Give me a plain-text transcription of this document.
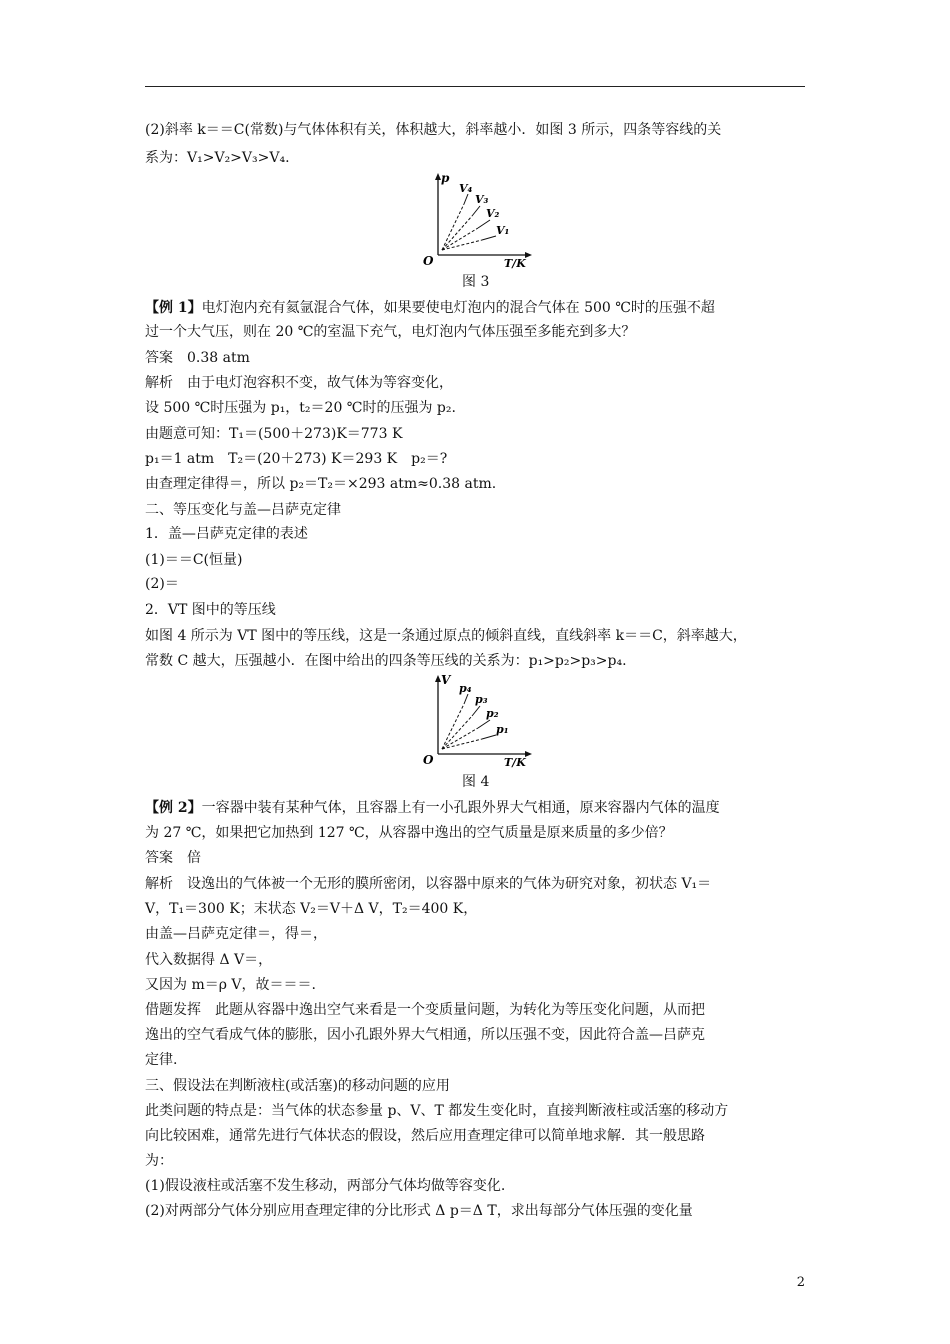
(2)斜率 k＝＝C(常数)与气体体积有关，体积越大，斜率越小．如图 3 所示，四条等容线的关
系为：V₁>V₂>V₃>V₄.
p
O	T/K
V₄
V₃
V₂
V₁
图 3
【例 1】电灯泡内充有氦氩混合气体，如果要使电灯泡内的混合气体在 500 ℃时的压强不超
过一个大气压，则在 20 ℃的室温下充气，电灯泡内气体压强至多能充到多大？
答案　0.38 atm
解析　由于电灯泡容积不变，故气体为等容变化，
设 500 ℃时压强为 p₁，t₂＝20 ℃时的压强为 p₂.
由题意可知：T₁＝(500＋273)K＝773 K
p₁＝1 atm　T₂＝(20＋273) K＝293 K　p₂＝?
由查理定律得＝，所以 p₂＝T₂＝×293 atm≈0.38 atm.
二、等压变化与盖—吕萨克定律
1．盖—吕萨克定律的表述
(1)＝＝C(恒量)
(2)＝
2．VT 图中的等压线
如图 4 所示为 VT 图中的等压线，这是一条通过原点的倾斜直线，直线斜率 k＝＝C，斜率越大，
常数 C 越大，压强越小．在图中给出的四条等压线的关系为：p₁>p₂>p₃>p₄.
V
O	T/K
p₄
p₃
p₂
p₁
图 4
【例 2】一容器中装有某种气体，且容器上有一小孔跟外界大气相通，原来容器内气体的温度
为 27 ℃，如果把它加热到 127 ℃，从容器中逸出的空气质量是原来质量的多少倍？
答案　倍
解析　设逸出的气体被一个无形的膜所密闭，以容器中原来的气体为研究对象，初状态 V₁＝
V，T₁＝300 K；末状态 V₂＝V＋Δ V，T₂＝400 K，
由盖—吕萨克定律＝，得＝，
代入数据得 Δ V＝，
又因为 m＝ρ V，故＝＝＝.
借题发挥　此题从容器中逸出空气来看是一个变质量问题，为转化为等压变化问题，从而把
逸出的空气看成气体的膨胀，因小孔跟外界大气相通，所以压强不变，因此符合盖—吕萨克
定律.
三、假设法在判断液柱(或活塞)的移动问题的应用
此类问题的特点是：当气体的状态参量 p、V、T 都发生变化时，直接判断液柱或活塞的移动方
向比较困难，通常先进行气体状态的假设，然后应用查理定律可以简单地求解．其一般思路
为：
(1)假设液柱或活塞不发生移动，两部分气体均做等容变化.
(2)对两部分气体分别应用查理定律的分比形式 Δ p＝Δ T，求出每部分气体压强的变化量
2
